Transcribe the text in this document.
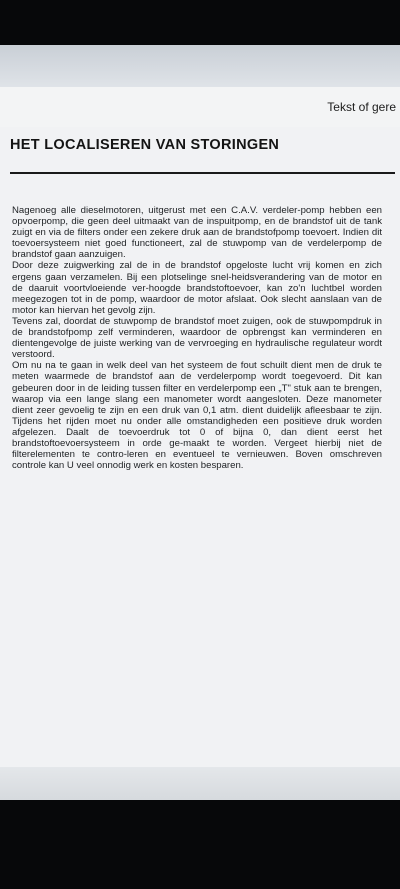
Tekst of gere
HET LOCALISEREN VAN STORINGEN

Nagenoeg alle dieselmotoren, uitgerust met een C.A.V. verdeler-pomp hebben een opvoerpomp, die geen deel uitmaakt van de inspuitpomp, en de brandstof uit de tank zuigt en via de filters onder een zekere druk aan de brandstofpomp toevoert. Indien dit toevoersysteem niet goed functioneert, zal de stuwpomp van de verdelerpomp de brandstof gaan aanzuigen.

Door deze zuigwerking zal de in de brandstof opgeloste lucht vrij komen en zich ergens gaan verzamelen. Bij een plotselinge snel-heidsverandering van de motor en de daaruit voortvloeiende ver-hoogde brandstoftoevoer, kan zo'n luchtbel worden meegezogen tot in de pomp, waardoor de motor afslaat. Ook slecht aanslaan van de motor kan hiervan het gevolg zijn.

Tevens zal, doordat de stuwpomp de brandstof moet zuigen, ook de stuwpompdruk in de brandstofpomp zelf verminderen, waardoor de opbrengst kan verminderen en dientengevolge de juiste werking van de vervroeging en hydraulische regulateur wordt verstoord.

Om nu na te gaan in welk deel van het systeem de fout schuilt dient men de druk te meten waarmede de brandstof aan de verdelerpomp wordt toegevoerd. Dit kan gebeuren door in de leiding tussen filter en verdelerpomp een „T" stuk aan te brengen, waarop via een lange slang een manometer wordt aangesloten. Deze manometer dient zeer gevoelig te zijn en een druk van 0,1 atm. dient duidelijk afleesbaar te zijn. Tijdens het rijden moet nu onder alle omstandigheden een positieve druk worden afgelezen. Daalt de toevoerdruk tot 0 of bijna 0, dan dient eerst het brandstoftoevoersysteem in orde ge-maakt te worden. Vergeet hierbij niet de filterelementen te contro-leren en eventueel te vernieuwen. Boven omschreven controle kan U veel onnodig werk en kosten besparen.
